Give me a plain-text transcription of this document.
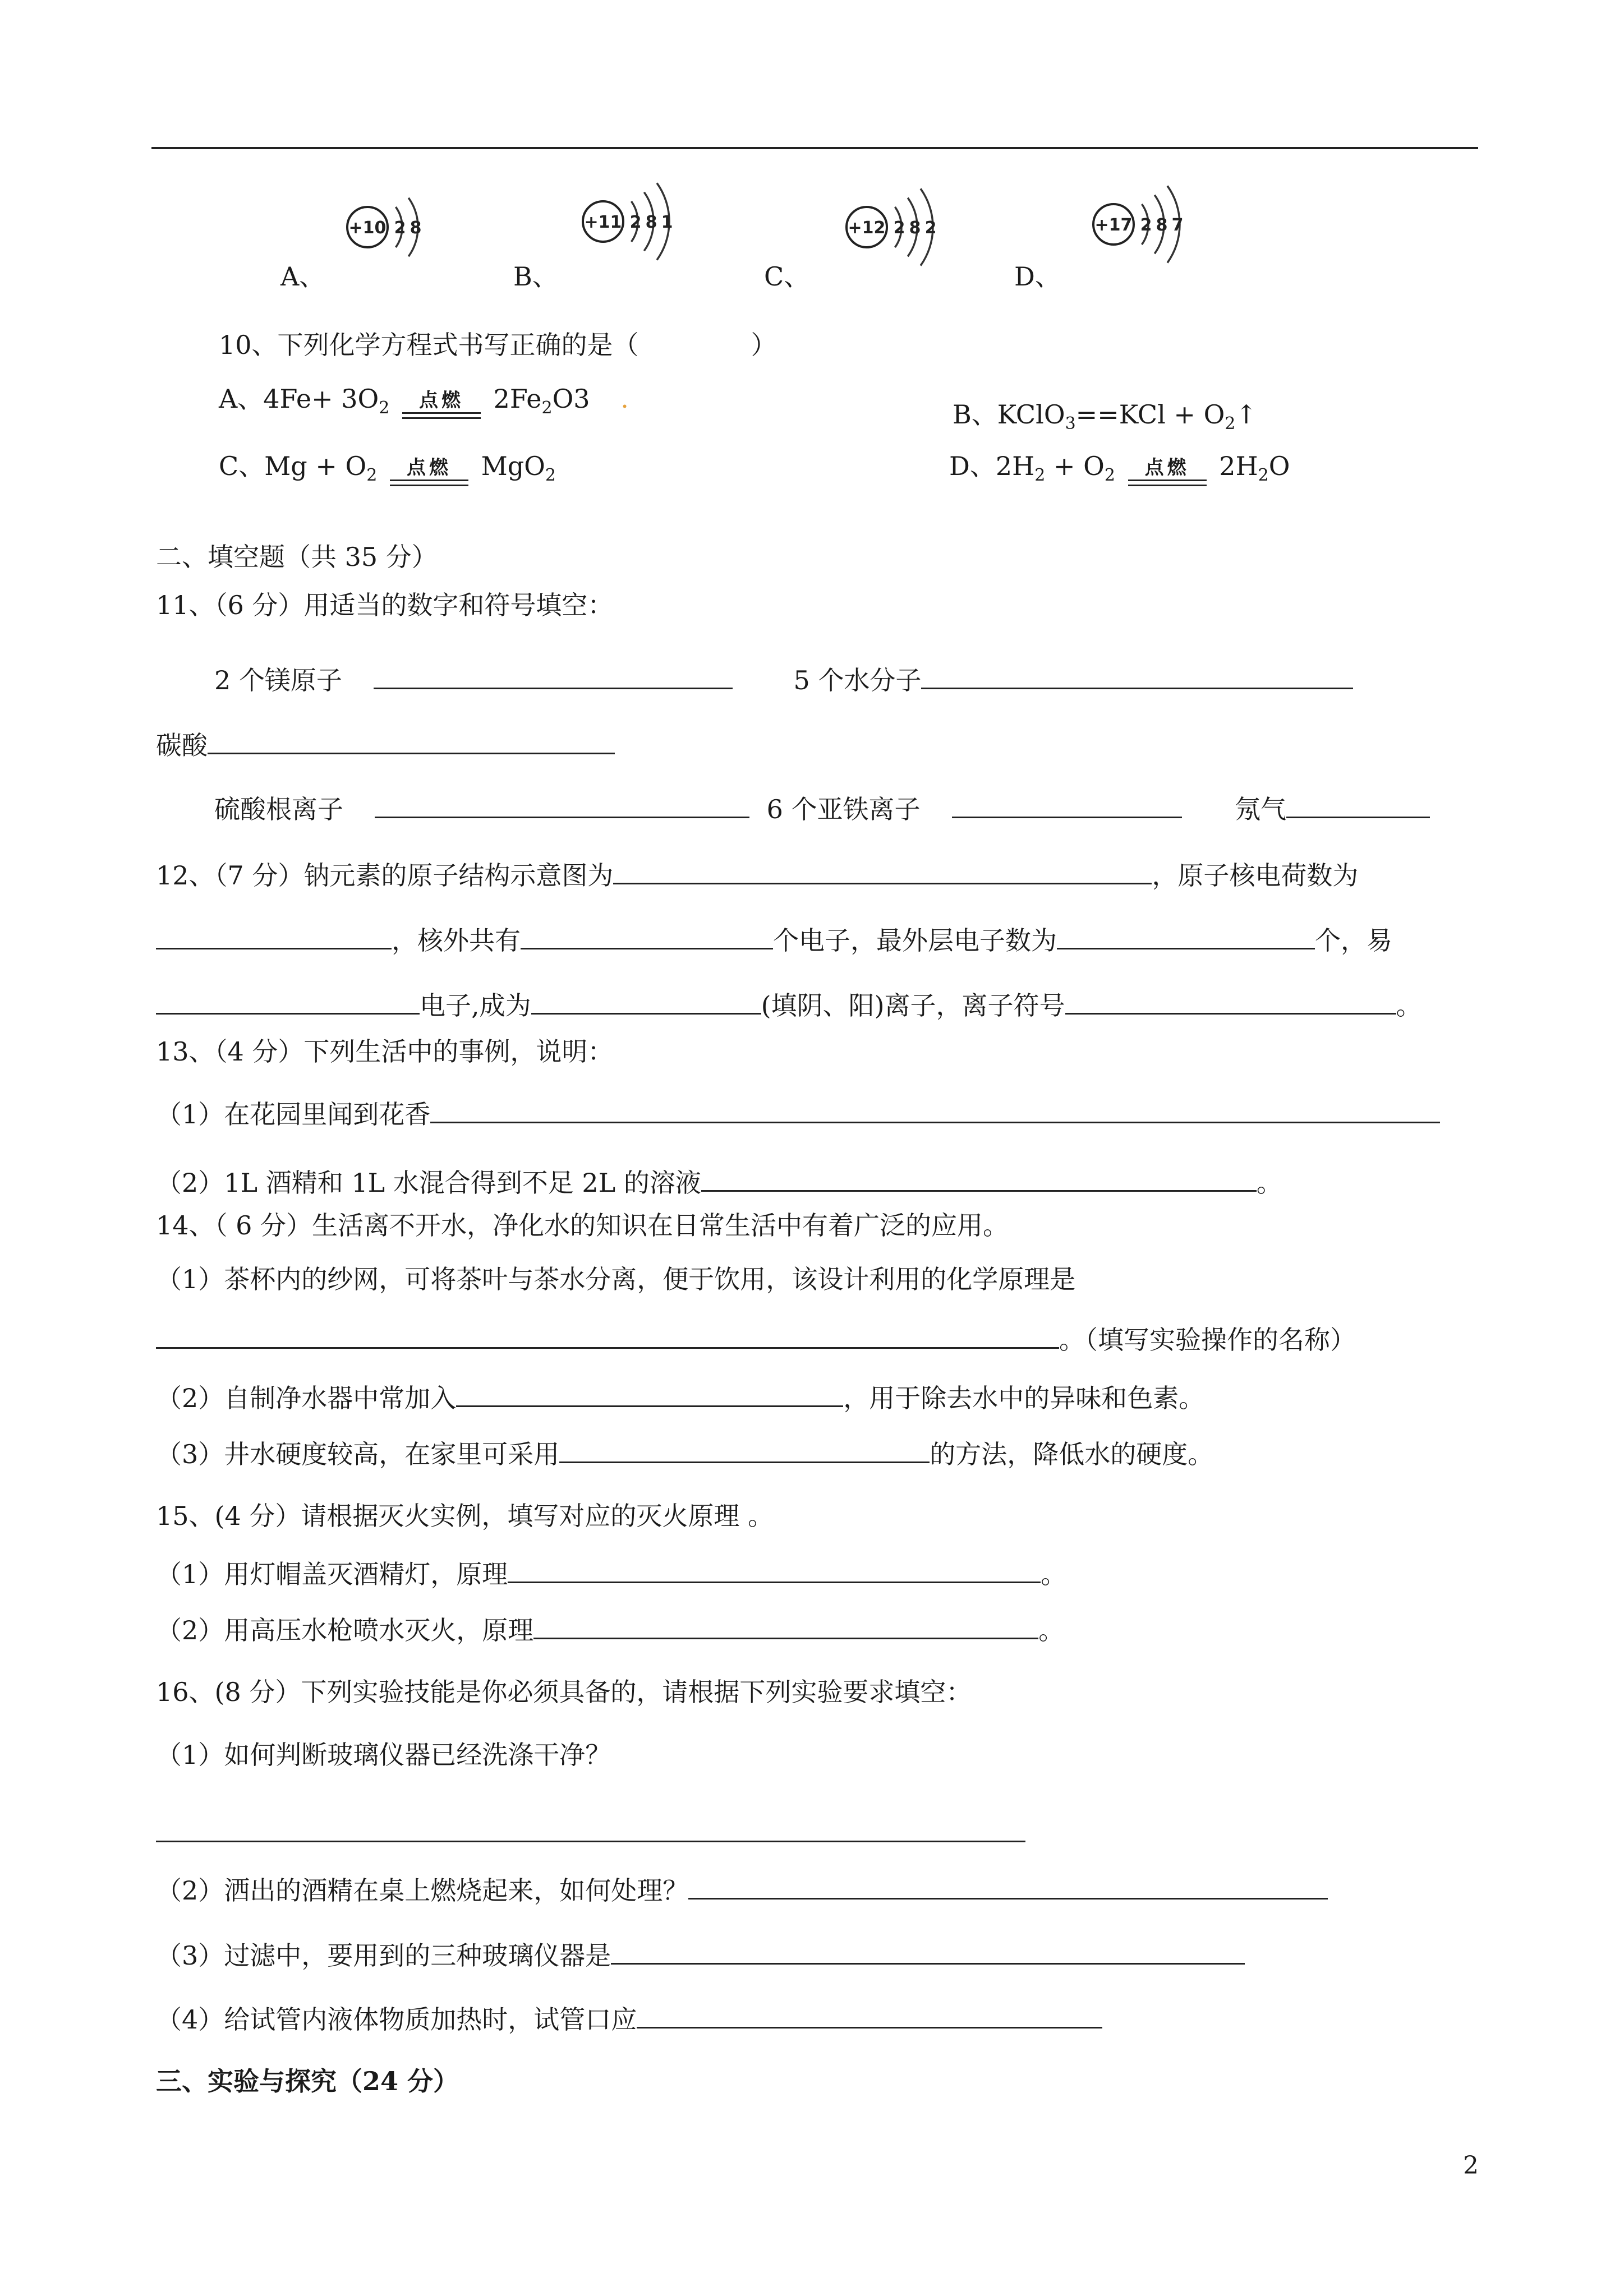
A、
+10 2 8
B、
+11 2 8 1
C、
+12 2 8 2
D、
+17 2 8 7
10、下列化学方程式书写正确的是（	）
A、$4Fe+ 3O_2$ 点燃 $2Fe_2O3$ .
B、KClO$_3$==KCl + $O_2↑$
C、$Mg + O_2$ 点燃 MgO$_2$	D、$2H_2 + O_2$ 点燃 $2H_2O$
二、填空题（共 35 分）
11、（6 分）用适当的数字和符号填空：
2 个镁原子	5 个水分子
碳酸
硫酸根离子	6 个亚铁离子	氖气
12、（7 分）钠元素的原子结构示意图为	，原子核电荷数为
，核外共有	个电子，最外层电子数为	个，易
电子,成为	(填阴、阳)离子，离子符号	。
13、（4 分）下列生活中的事例，说明：
（1）在花园里闻到花香
（2）1L 酒精和 1L 水混合得到不足 2L 的溶液	。
14、（ 6 分）生活离不开水，净化水的知识在日常生活中有着广泛的应用。
（1）茶杯内的纱网，可将茶叶与茶水分离，便于饮用，该设计利用的化学原理是
。（填写实验操作的名称）
（2）自制净水器中常加入	，用于除去水中的异味和色素。
（3）井水硬度较高，在家里可采用	的方法，降低水的硬度。
15、(4 分）请根据灭火实例，填写对应的灭火原理 。
（1）用灯帽盖灭酒精灯，原理	。
（2）用高压水枪喷水灭火，原理	。
16、(8 分）下列实验技能是你必须具备的，请根据下列实验要求填空：
（1）如何判断玻璃仪器已经洗涤干净？
（2）洒出的酒精在桌上燃烧起来，如何处理？
（3）过滤中，要用到的三种玻璃仪器是
（4）给试管内液体物质加热时，试管口应
三、实验与探究（24 分）
2
